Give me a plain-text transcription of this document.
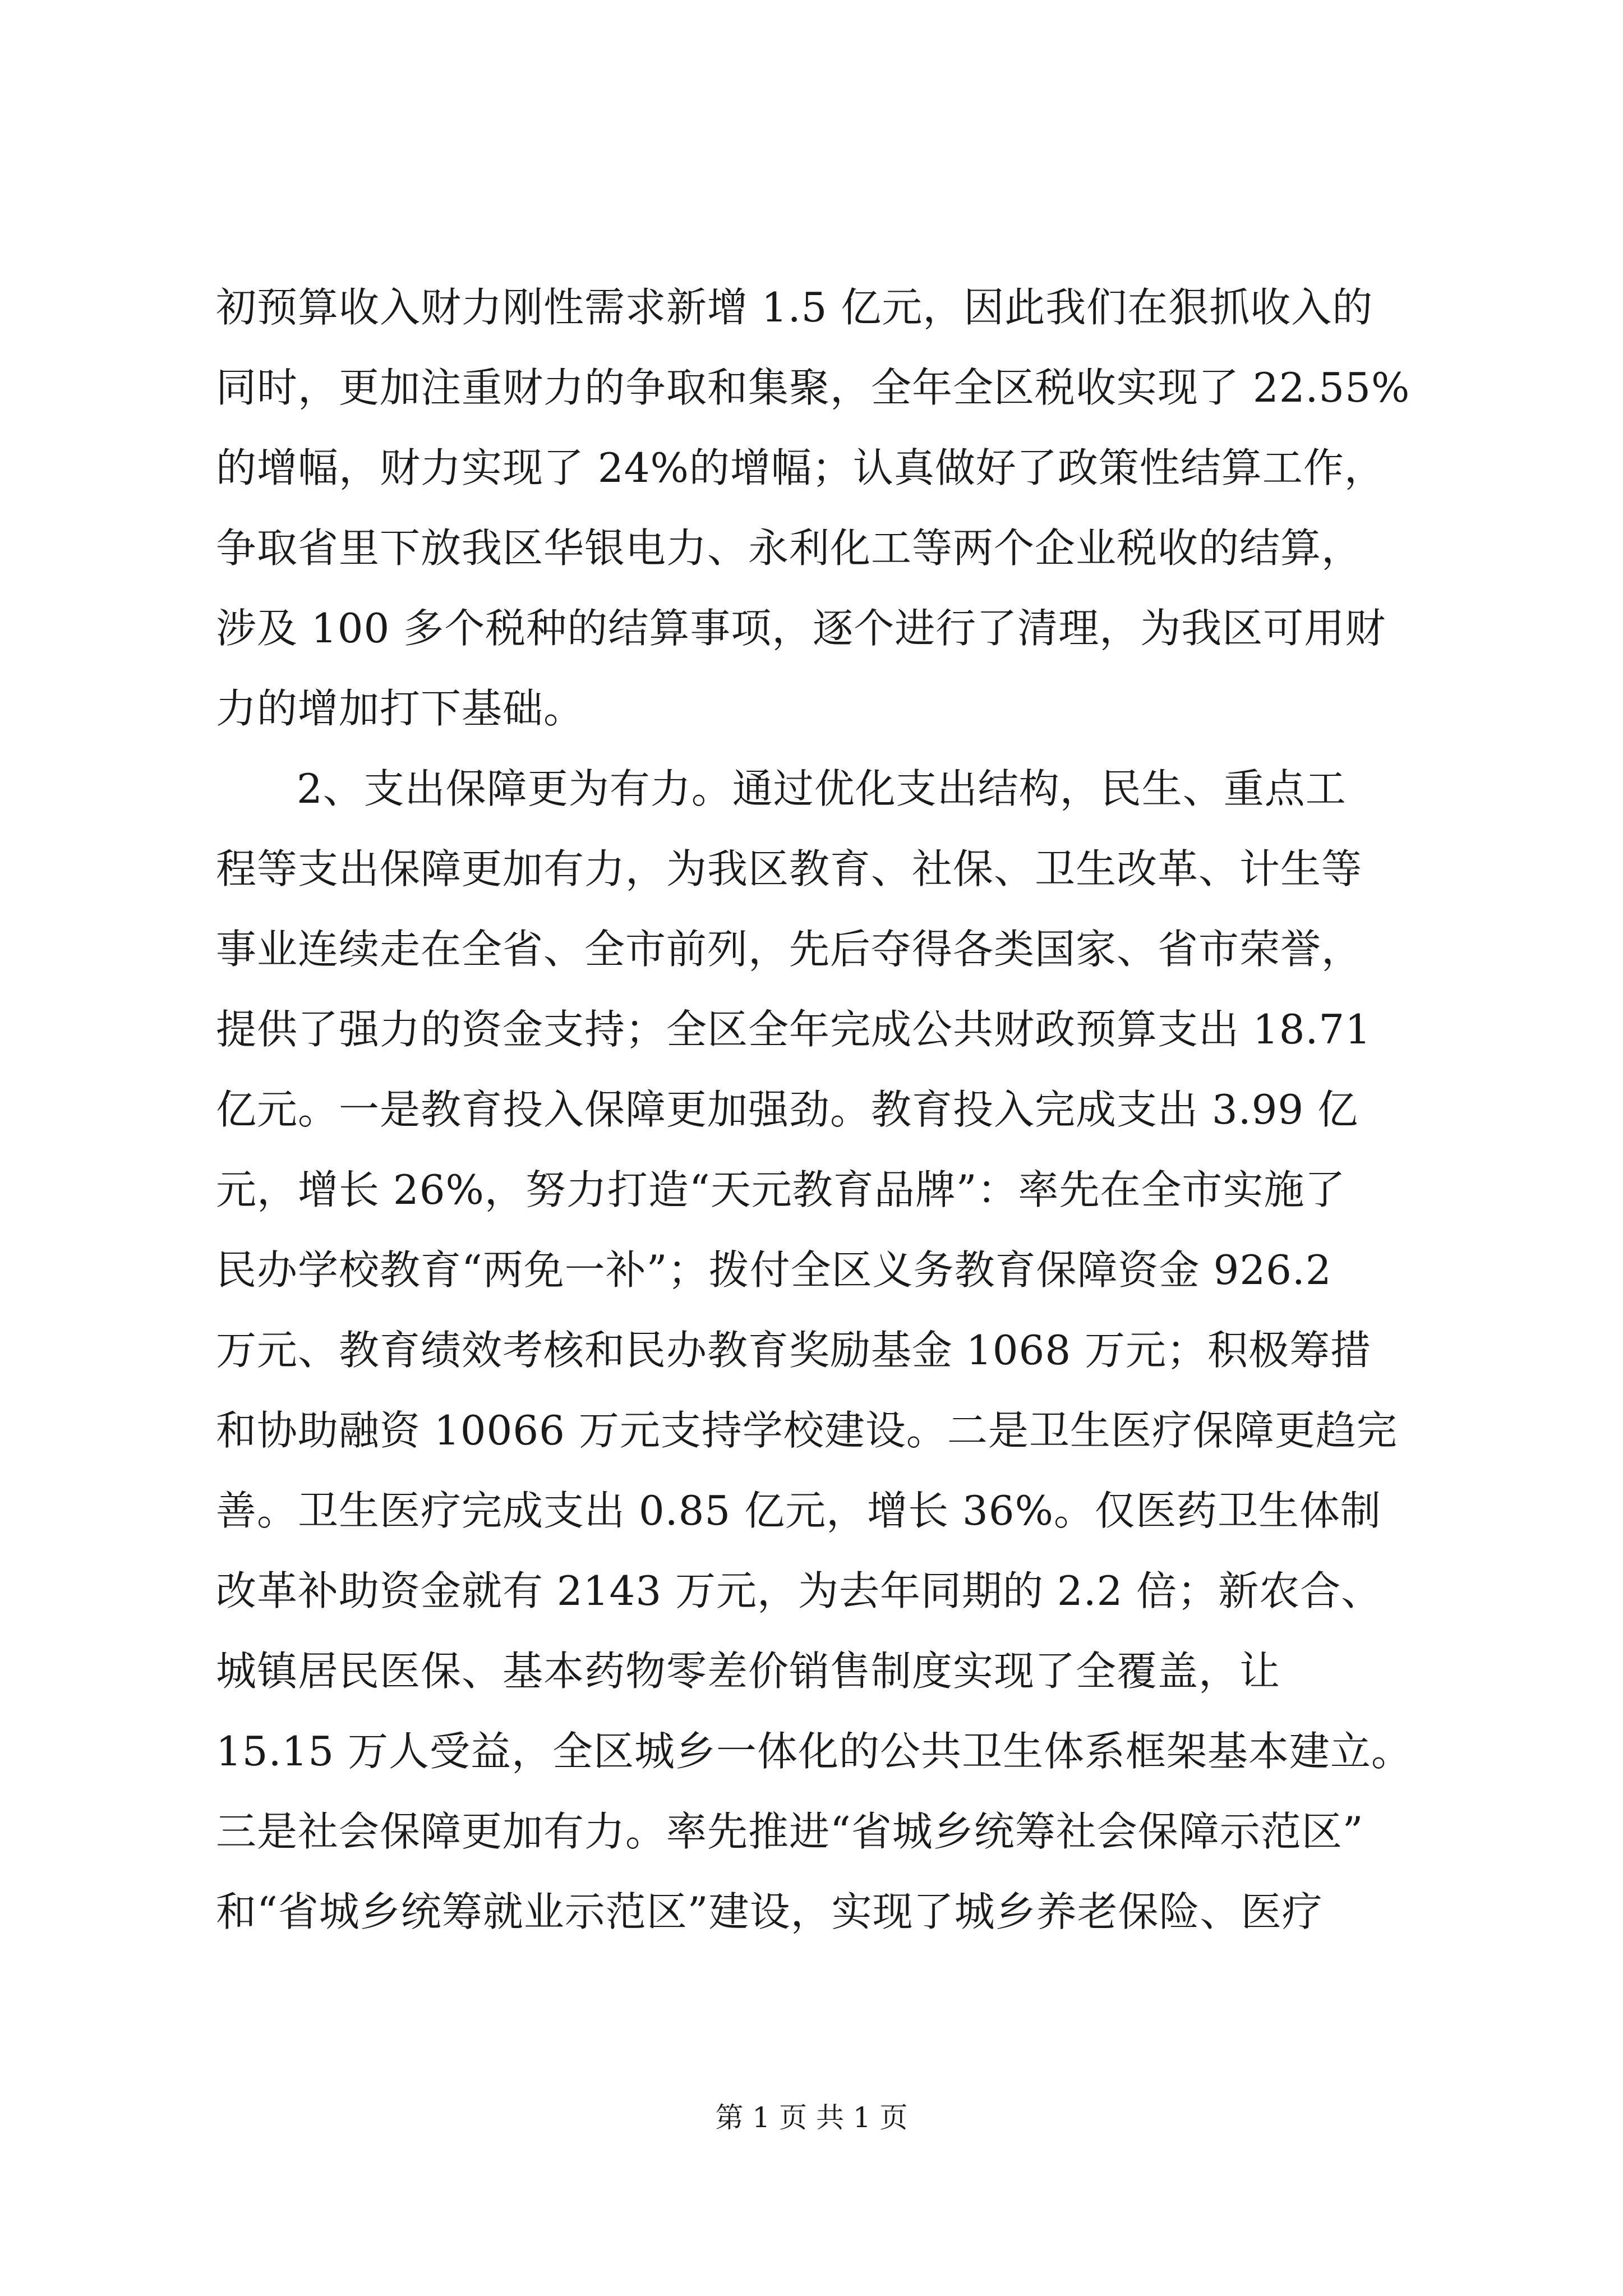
初预算收入财力刚性需求新增 1.5 亿元，因此我们在狠抓收入的
同时，更加注重财力的争取和集聚，全年全区税收实现了 22.55%
的增幅，财力实现了 24%的增幅；认真做好了政策性结算工作，
争取省里下放我区华银电力、永利化工等两个企业税收的结算，
涉及 100 多个税种的结算事项，逐个进行了清理，为我区可用财
力的增加打下基础。
2、支出保障更为有力。通过优化支出结构，民生、重点工
程等支出保障更加有力，为我区教育、社保、卫生改革、计生等
事业连续走在全省、全市前列，先后夺得各类国家、省市荣誉，
提供了强力的资金支持；全区全年完成公共财政预算支出 18.71
亿元。一是教育投入保障更加强劲。教育投入完成支出 3.99 亿
元，增长 26%，努力打造“天元教育品牌”：率先在全市实施了
民办学校教育“两免一补”；拨付全区义务教育保障资金 926.2
万元、教育绩效考核和民办教育奖励基金 1068 万元；积极筹措
和协助融资 10066 万元支持学校建设。二是卫生医疗保障更趋完
善。卫生医疗完成支出 0.85 亿元，增长 36%。仅医药卫生体制
改革补助资金就有 2143 万元，为去年同期的 2.2 倍；新农合、
城镇居民医保、基本药物零差价销售制度实现了全覆盖，让
15.15 万人受益，全区城乡一体化的公共卫生体系框架基本建立。
三是社会保障更加有力。率先推进“省城乡统筹社会保障示范区”
和“省城乡统筹就业示范区”建设，实现了城乡养老保险、医疗
第 1 页 共 1 页
